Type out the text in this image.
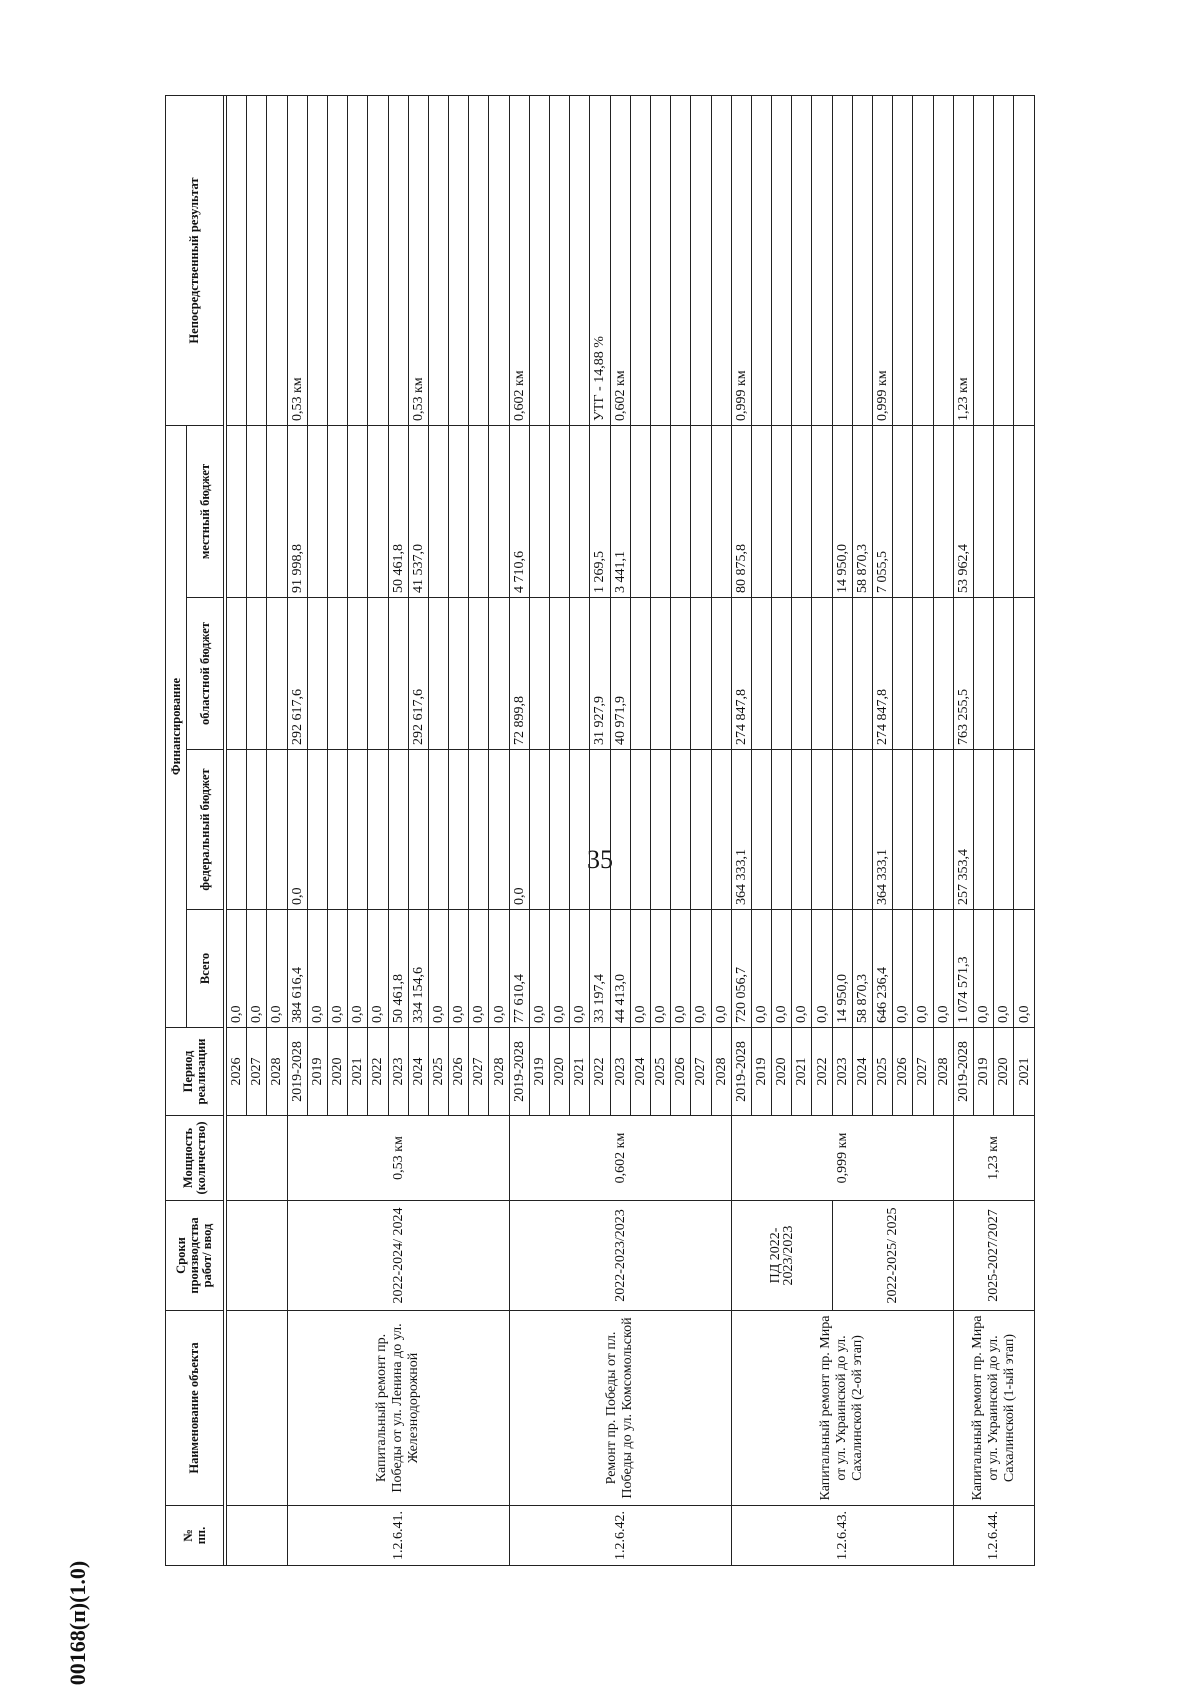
35
№
пп.	Наименование объекта	Сроки производства работ/ ввод	Мощность (количество)	Период реализации	Финансирование				Непосредственный результат
					Всего	федеральный бюджет	областной бюджет	местный бюджет	

				2026	0,0				
				2027	0,0				
				2028	0,0				
1.2.6.41.	Капитальный ремонт пр. Победы от ул. Ленина до ул. Железнодорожной	2022-2024/ 2024	0,53 км	2019-2028	384 616,4	0,0	292 617,6	91 998,8	0,53 км
				2019	0,0				
				2020	0,0				
				2021	0,0				
				2022	0,0				
				2023	50 461,8			50 461,8	
				2024	334 154,6		292 617,6	41 537,0	0,53 км
				2025	0,0				
				2026	0,0				
				2027	0,0				
				2028	0,0				
1.2.6.42.	Ремонт пр. Победы от пл. Победы до ул. Комсомольской	2022-2023/2023	0,602 км	2019-2028	77 610,4	0,0	72 899,8	4 710,6	0,602 км
				2019	0,0				
				2020	0,0				
				2021	0,0				
				2022	33 197,4		31 927,9	1 269,5	УТГ - 14,88 %
				2023	44 413,0		40 971,9	3 441,1	0,602 км
				2024	0,0				
				2025	0,0				
				2026	0,0				
				2027	0,0				
				2028	0,0				
1.2.6.43.	Капитальный ремонт пр. Мира от ул. Украинской до ул. Сахалинской (2-ой этап)	ПД 2022-2023/2023	0,999 км	2019-2028	720 056,7	364 333,1	274 847,8	80 875,8	0,999 км
				2019	0,0				
				2020	0,0				
				2021	0,0				
				2022	0,0				
		2022-2025/ 2025		2023	14 950,0			14 950,0	
				2024	58 870,3			58 870,3	
				2025	646 236,4	364 333,1	274 847,8	7 055,5	0,999 км
				2026	0,0				
				2027	0,0				
				2028	0,0				
1.2.6.44.	Капитальный ремонт пр. Мира от ул. Украинской до ул. Сахалинской (1-ый этап)	2025-2027/2027	1,23 км	2019-2028	1 074 571,3	257 353,4	763 255,5	53 962,4	1,23 км
				2019	0,0				
				2020	0,0				
				2021	0,0				
00168(п)(1.0)
